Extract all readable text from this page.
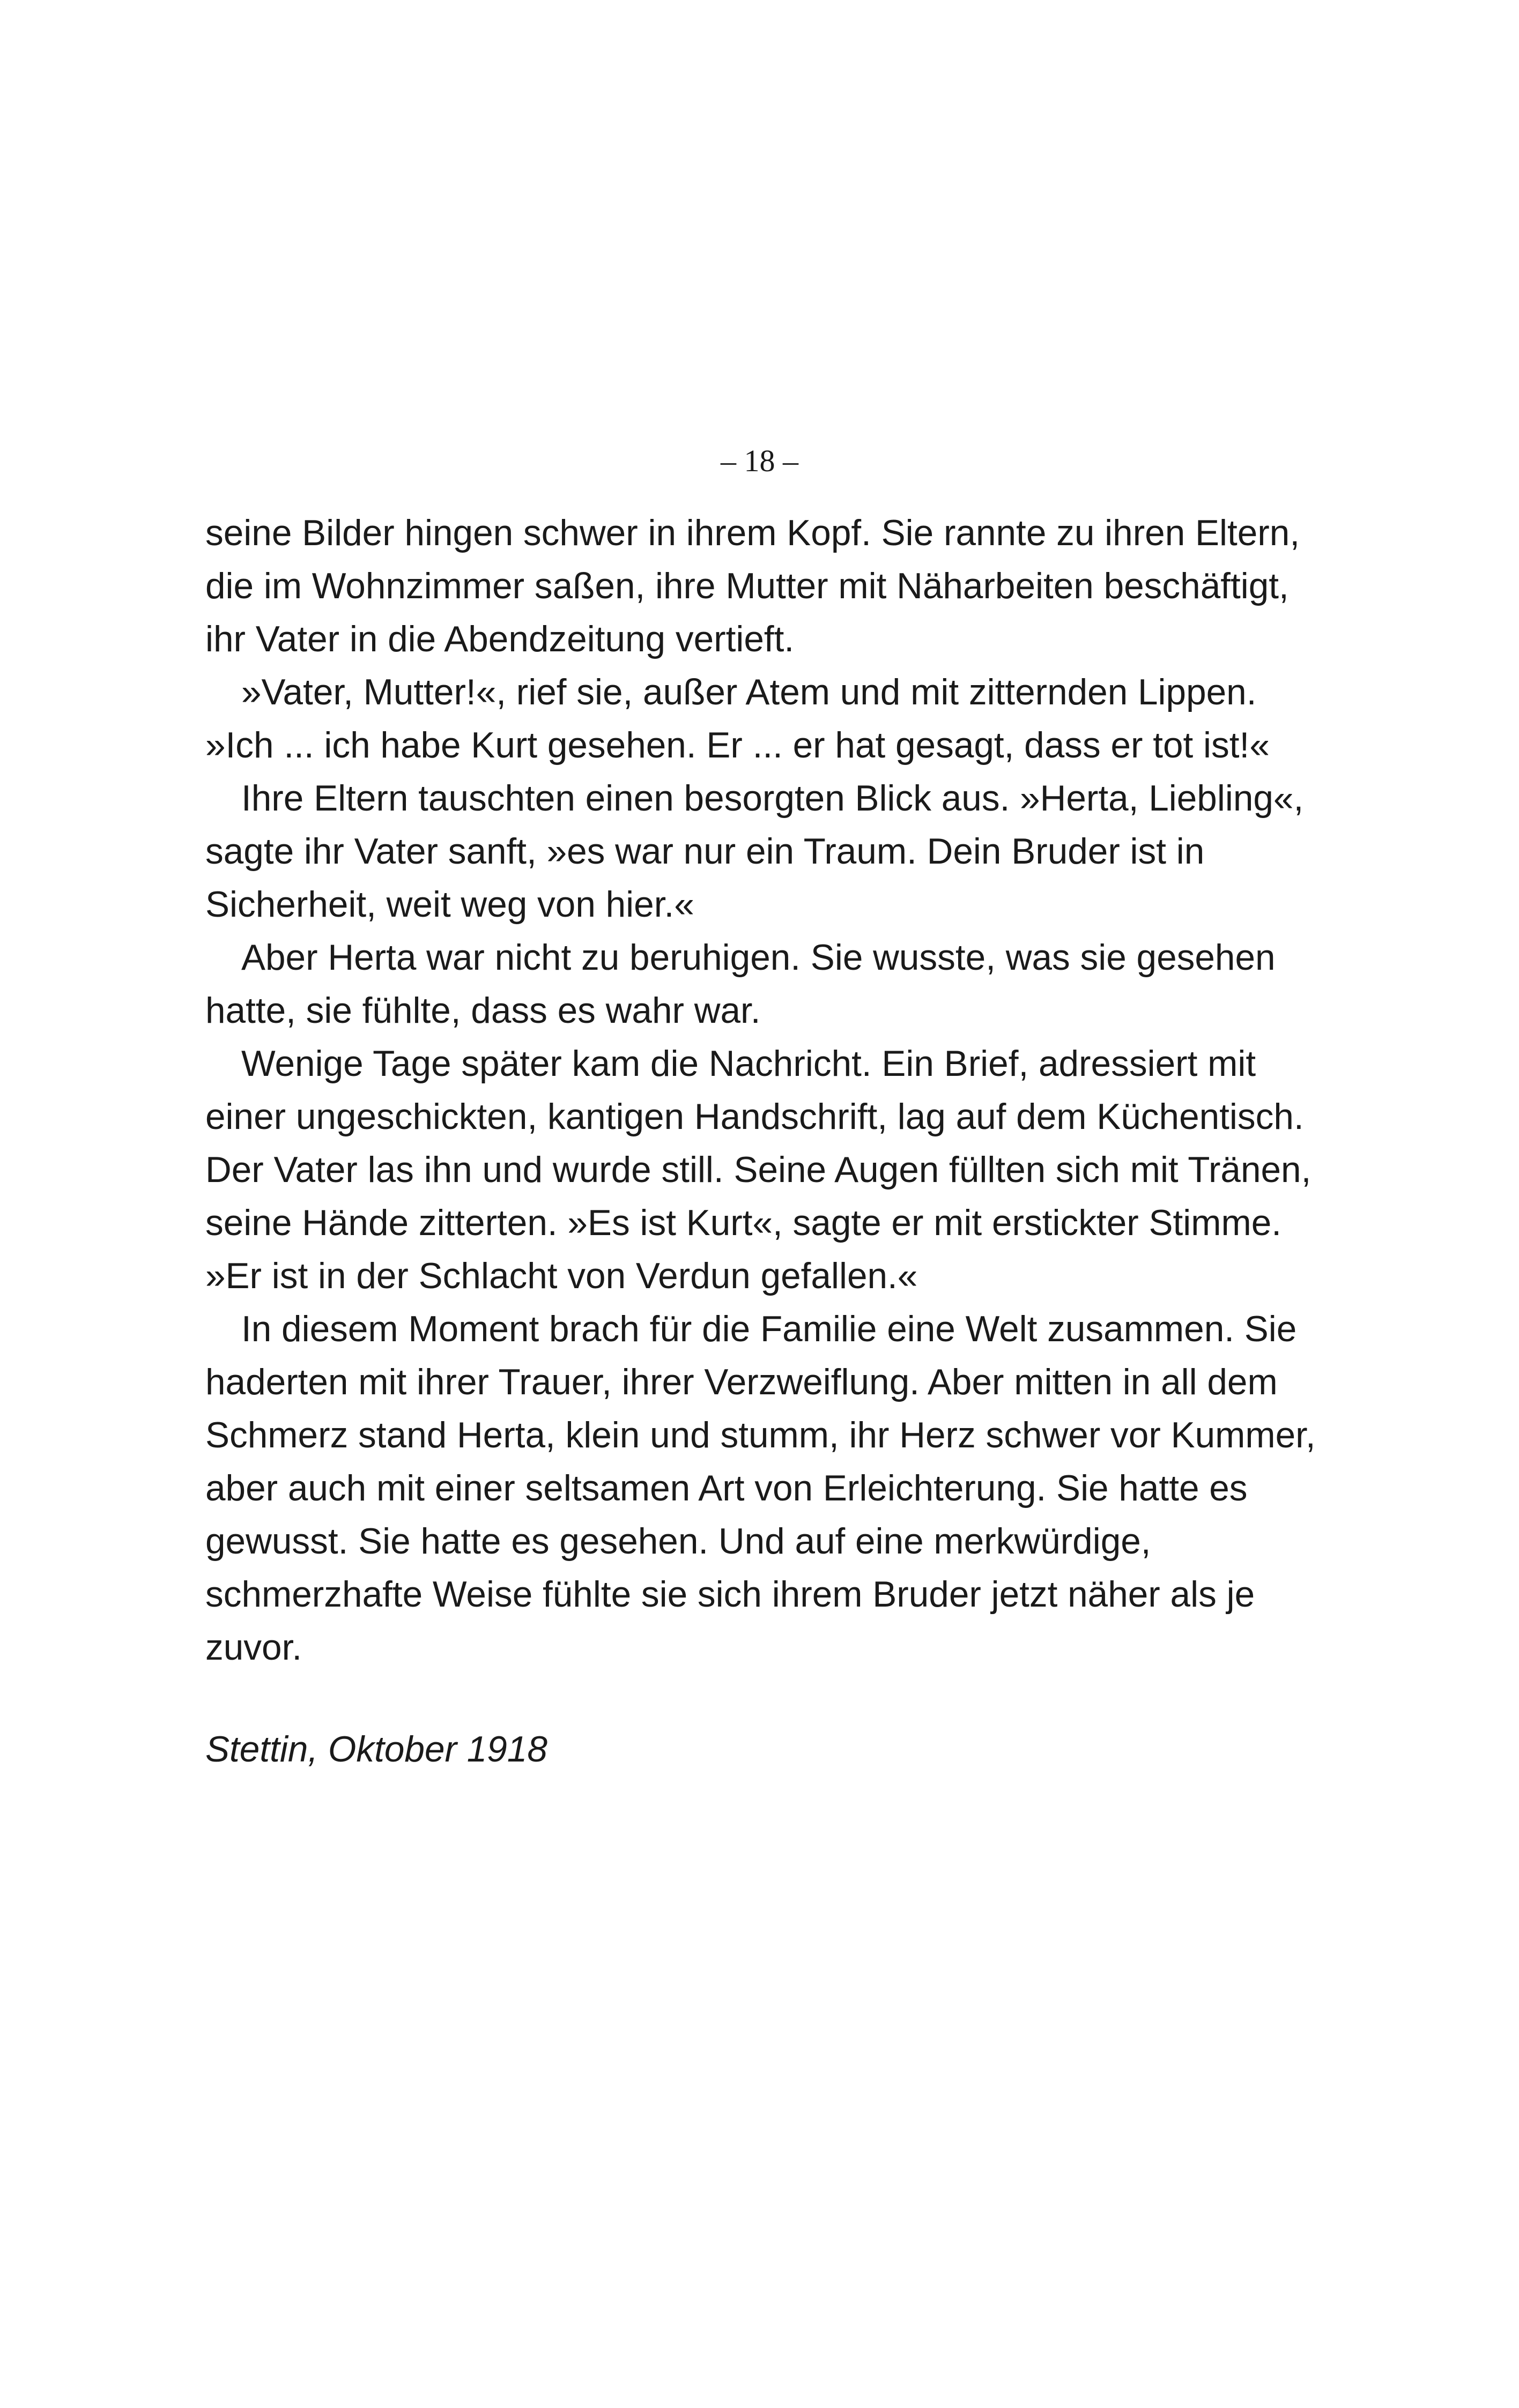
– 18 –
seine Bilder hingen schwer in ihrem Kopf. Sie rannte zu ihren Eltern,
die im Wohnzimmer saßen, ihre Mutter mit Näharbeiten beschäftigt,
ihr Vater in die Abendzeitung vertieft.
»Vater, Mutter!«, rief sie, außer Atem und mit zitternden Lippen.
»Ich ... ich habe Kurt gesehen. Er ... er hat gesagt, dass er tot ist!«
Ihre Eltern tauschten einen besorgten Blick aus. »Herta, Liebling«,
sagte ihr Vater sanft, »es war nur ein Traum. Dein Bruder ist in
Sicherheit, weit weg von hier.«
Aber Herta war nicht zu beruhigen. Sie wusste, was sie gesehen
hatte, sie fühlte, dass es wahr war.
Wenige Tage später kam die Nachricht. Ein Brief, adressiert mit
einer ungeschickten, kantigen Handschrift, lag auf dem Küchentisch.
Der Vater las ihn und wurde still. Seine Augen füllten sich mit Tränen,
seine Hände zitterten. »Es ist Kurt«, sagte er mit erstickter Stimme.
»Er ist in der Schlacht von Verdun gefallen.«
In diesem Moment brach für die Familie eine Welt zusammen. Sie
haderten mit ihrer Trauer, ihrer Verzweiflung. Aber mitten in all dem
Schmerz stand Herta, klein und stumm, ihr Herz schwer vor Kummer,
aber auch mit einer seltsamen Art von Erleichterung. Sie hatte es
gewusst. Sie hatte es gesehen. Und auf eine merkwürdige,
schmerzhafte Weise fühlte sie sich ihrem Bruder jetzt näher als je
zuvor.
Stettin, Oktober 1918
